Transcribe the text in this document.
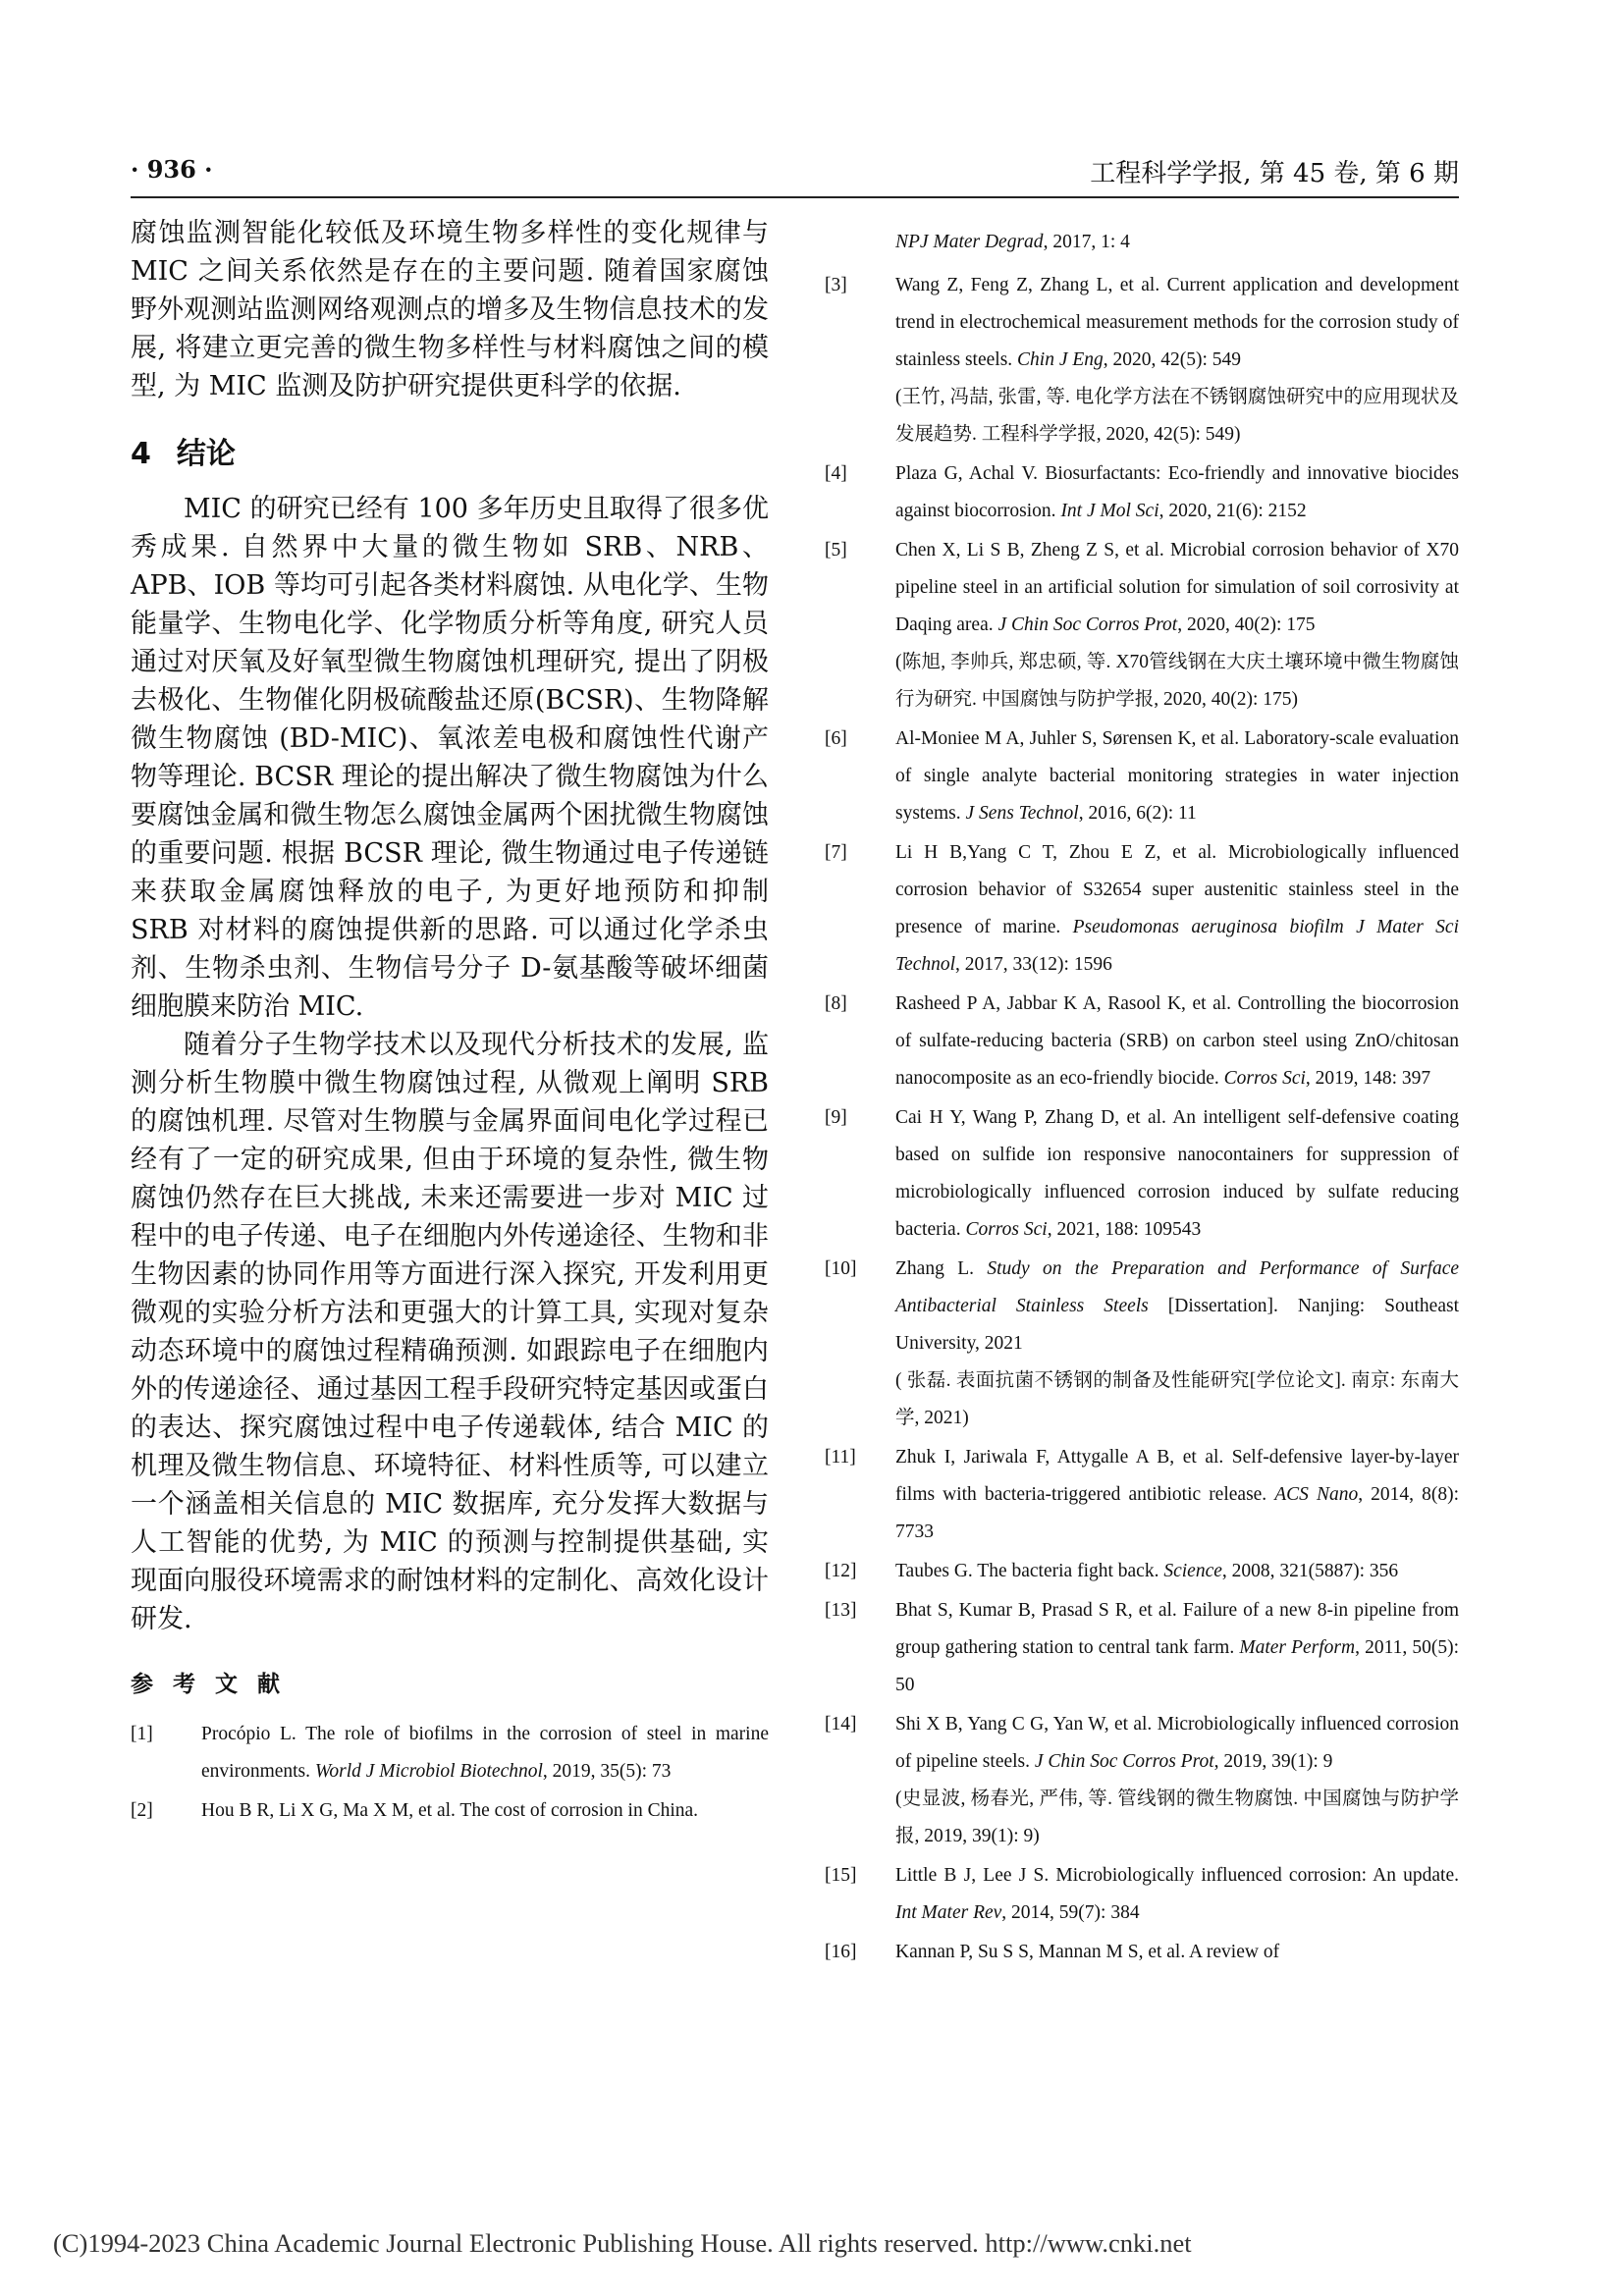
· 936 ·	工程科学学报, 第 45 卷, 第 6 期

腐蚀监测智能化较低及环境生物多样性的变化规律与 MIC 之间关系依然是存在的主要问题. 随着国家腐蚀野外观测站监测网络观测点的增多及生物信息技术的发展, 将建立更完善的微生物多样性与材料腐蚀之间的模型, 为 MIC 监测及防护研究提供更科学的依据.

4 结论

MIC 的研究已经有 100 多年历史且取得了很多优秀成果. 自然界中大量的微生物如 SRB、NRB、APB、IOB 等均可引起各类材料腐蚀. 从电化学、生物能量学、生物电化学、化学物质分析等角度, 研究人员通过对厌氧及好氧型微生物腐蚀机理研究, 提出了阴极去极化、生物催化阴极硫酸盐还原(BCSR)、生物降解微生物腐蚀 (BD-MIC)、氧浓差电极和腐蚀性代谢产物等理论. BCSR 理论的提出解决了微生物腐蚀为什么要腐蚀金属和微生物怎么腐蚀金属两个困扰微生物腐蚀的重要问题. 根据 BCSR 理论, 微生物通过电子传递链来获取金属腐蚀释放的电子, 为更好地预防和抑制 SRB 对材料的腐蚀提供新的思路. 可以通过化学杀虫剂、生物杀虫剂、生物信号分子 D-氨基酸等破坏细菌细胞膜来防治 MIC.

随着分子生物学技术以及现代分析技术的发展, 监测分析生物膜中微生物腐蚀过程, 从微观上阐明 SRB 的腐蚀机理. 尽管对生物膜与金属界面间电化学过程已经有了一定的研究成果, 但由于环境的复杂性, 微生物腐蚀仍然存在巨大挑战, 未来还需要进一步对 MIC 过程中的电子传递、电子在细胞内外传递途径、生物和非生物因素的协同作用等方面进行深入探究, 开发利用更微观的实验分析方法和更强大的计算工具, 实现对复杂动态环境中的腐蚀过程精确预测. 如跟踪电子在细胞内外的传递途径、通过基因工程手段研究特定基因或蛋白的表达、探究腐蚀过程中电子传递载体, 结合 MIC 的机理及微生物信息、环境特征、材料性质等, 可以建立一个涵盖相关信息的 MIC 数据库, 充分发挥大数据与人工智能的优势, 为 MIC 的预测与控制提供基础, 实现面向服役环境需求的耐蚀材料的定制化、高效化设计研发.

参考文献
[1]	Procópio L. The role of biofilms in the corrosion of steel in marine environments. World J Microbiol Biotechnol, 2019, 35(5): 73
[2]	Hou B R, Li X G, Ma X M, et al. The cost of corrosion in China.
NPJ Mater Degrad, 2017, 1: 4
[3]	Wang Z, Feng Z, Zhang L, et al. Current application and development trend in electrochemical measurement methods for the corrosion study of stainless steels. Chin J Eng, 2020, 42(5): 549
(王竹, 冯喆, 张雷, 等. 电化学方法在不锈钢腐蚀研究中的应用现状及发展趋势. 工程科学学报, 2020, 42(5): 549)
[4]	Plaza G, Achal V. Biosurfactants: Eco-friendly and innovative biocides against biocorrosion. Int J Mol Sci, 2020, 21(6): 2152
[5]	Chen X, Li S B, Zheng Z S, et al. Microbial corrosion behavior of X70 pipeline steel in an artificial solution for simulation of soil corrosivity at Daqing area. J Chin Soc Corros Prot, 2020, 40(2): 175
(陈旭, 李帅兵, 郑忠硕, 等. X70管线钢在大庆土壤环境中微生物腐蚀行为研究. 中国腐蚀与防护学报, 2020, 40(2): 175)
[6]	Al-Moniee M A, Juhler S, Sørensen K, et al. Laboratory-scale evaluation of single analyte bacterial monitoring strategies in water injection systems. J Sens Technol, 2016, 6(2): 11
[7]	Li H B,Yang C T, Zhou E Z, et al. Microbiologically influenced corrosion behavior of S32654 super austenitic stainless steel in the presence of marine. Pseudomonas aeruginosa biofilm J Mater Sci Technol, 2017, 33(12): 1596
[8]	Rasheed P A, Jabbar K A, Rasool K, et al. Controlling the biocorrosion of sulfate-reducing bacteria (SRB) on carbon steel using ZnO/chitosan nanocomposite as an eco-friendly biocide. Corros Sci, 2019, 148: 397
[9]	Cai H Y, Wang P, Zhang D, et al. An intelligent self-defensive coating based on sulfide ion responsive nanocontainers for suppression of microbiologically influenced corrosion induced by sulfate reducing bacteria. Corros Sci, 2021, 188: 109543
[10]	Zhang L. Study on the Preparation and Performance of Surface Antibacterial Stainless Steels [Dissertation]. Nanjing: Southeast University, 2021
( 张磊. 表面抗菌不锈钢的制备及性能研究[学位论文]. 南京: 东南大学, 2021)
[11]	Zhuk I, Jariwala F, Attygalle A B, et al. Self-defensive layer-by-layer films with bacteria-triggered antibiotic release. ACS Nano, 2014, 8(8): 7733
[12]	Taubes G. The bacteria fight back. Science, 2008, 321(5887): 356
[13]	Bhat S, Kumar B, Prasad S R, et al. Failure of a new 8-in pipeline from group gathering station to central tank farm. Mater Perform, 2011, 50(5): 50
[14]	Shi X B, Yang C G, Yan W, et al. Microbiologically influenced corrosion of pipeline steels. J Chin Soc Corros Prot, 2019, 39(1): 9
(史显波, 杨春光, 严伟, 等. 管线钢的微生物腐蚀. 中国腐蚀与防护学报, 2019, 39(1): 9)
[15]	Little B J, Lee J S. Microbiologically influenced corrosion: An update. Int Mater Rev, 2014, 59(7): 384
[16]	Kannan P, Su S S, Mannan M S, et al. A review of
(C)1994-2023 China Academic Journal Electronic Publishing House. All rights reserved. http://www.cnki.net
